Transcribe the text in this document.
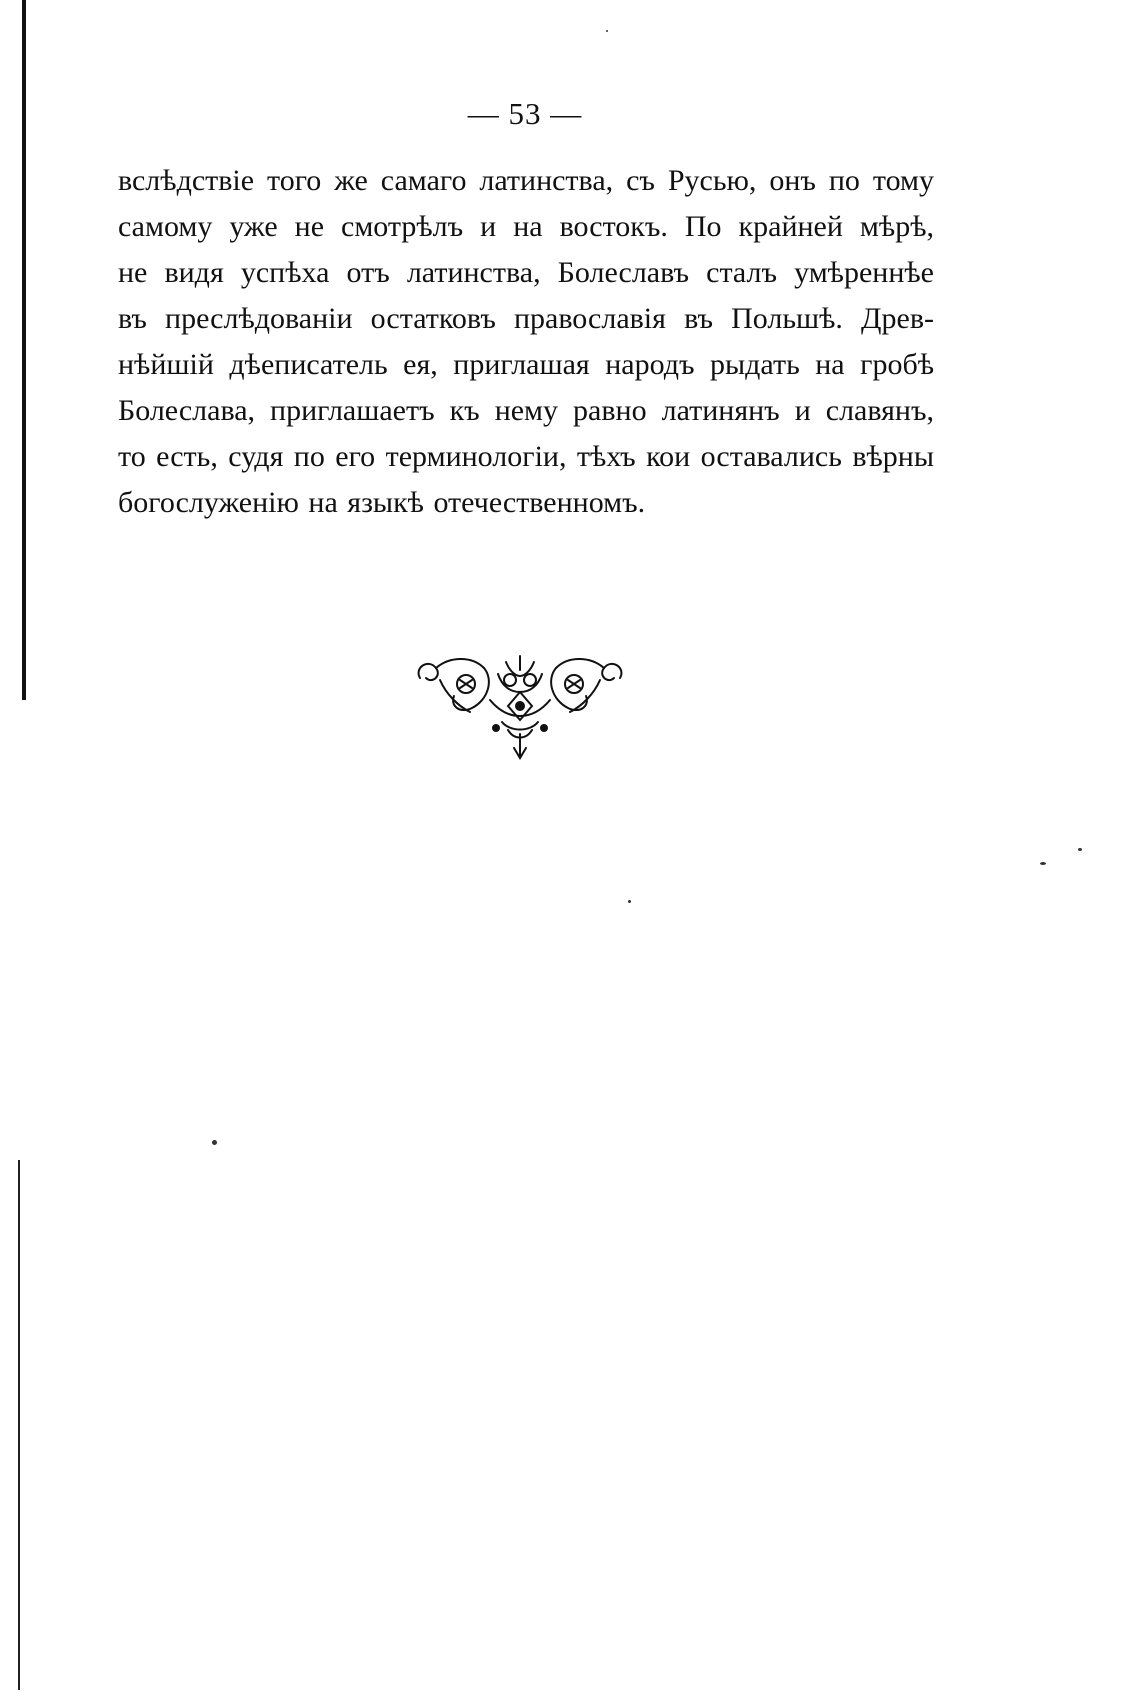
— 53 —
вслѣдствіе того же самаго латинства, съ Русью, онъ по тому
самому уже не смотрѣлъ и на востокъ. По крайней мѣрѣ,
не видя успѣха отъ латинства, Болеславъ сталъ умѣреннѣе
въ преслѣдованіи остатковъ православія въ Польшѣ. Древ-
нѣйшій дѣеписатель ея, приглашая народъ рыдать на гробѣ
Болеслава, приглашаетъ къ нему равно латинянъ и славянъ,
то есть, судя по его терминологіи, тѣхъ кои оставались вѣрны
богослуженію на языкѣ отечественномъ.
